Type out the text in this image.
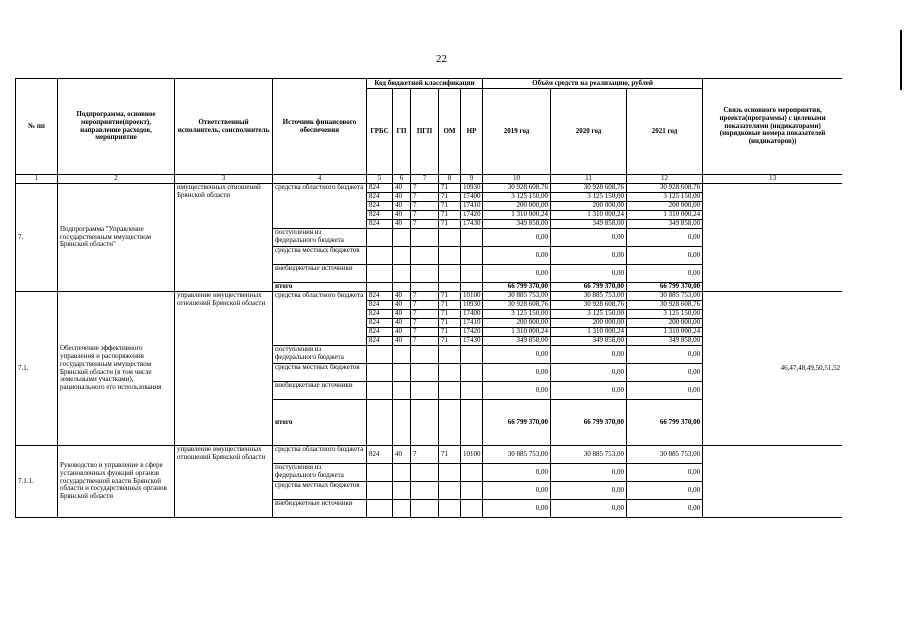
22
№ пп	Подпрограмма, основное мероприятие(проект), направление расходов, мероприятие	Ответственный исполнитель, соисполнитель	Источник финансового обеспечения	Код бюджетной классификации					Объём средств на реализацию, рублей			Связь основного мероприятия, проекта(программы) с целевыми показателями (индикаторами) (порядковые номера показателей (индикаторов))
				ГРБС	ГП	ПГП	ОМ	НР	2019 год	2020 год	2021 год	
1	2	3	4	5	6	7	8	9	10	11	12	13
7.	Подпрограмма "Управление государственным имуществом Брянской области"	имущественных отношений Брянской области	средства областного бюджета	824	40	7	71	10930	30 928 608,76	30 928 608,76	30 928 608,76	
				824	40	7	71	17400	3 125 150,00	3 125 150,00	3 125 150,00	
				824	40	7	71	17410	200 000,00	200 000,00	200 000,00	
				824	40	7	71	17420	1 310 000,24	1 310 000,24	1 310 000,24	
				824	40	7	71	17430	349 858,00	349 858,00	349 858,00	
			поступления из федерального бюджета						0,00	0,00	0,00	
			средства местных бюджетов						0,00	0,00	0,00	
			внебюджетные источники						0,00	0,00	0,00	
			итого						66 799 370,00	66 799 370,00	66 799 370,00	
7.1.	Обеспечение эффективного управления и распоряжения государственным имуществом Брянской области (в том числе земельными участками), рационального его использования	управление имущественных отношений Брянской области	средства областного бюджета	824	40	7	71	10100	30 885 753,00	30 885 753,00	30 885 753,00	46,47,48,49,50,51,52
				824	40	7	71	10930	30 928 608,76	30 928 608,76	30 928 608,76	
				824	40	7	71	17400	3 125 150,00	3 125 150,00	3 125 150,00	
				824	40	7	71	17410	200 000,00	200 000,00	200 000,00	
				824	40	7	71	17420	1 310 000,24	1 310 000,24	1 310 000,24	
				824	40	7	71	17430	349 858,00	349 858,00	349 858,00	
			поступления из федерального бюджета						0,00	0,00	0,00	
			средства местных бюджетов						0,00	0,00	0,00	
			внебюджетные источники						0,00	0,00	0,00	
			итого						66 799 370,00	66 799 370,00	66 799 370,00	
7.1.1.	Руководство и управление в сфере установленных функций органов государственной власти Брянской области и государственных органов Брянской области	управление имущественных отношений Брянской области	средства областного бюджета	824	40	7	71	10100	30 885 753,00	30 885 753,00	30 885 753,00	
			поступления из федерального бюджета						0,00	0,00	0,00	
			средства местных бюджетов						0,00	0,00	0,00	
			внебюджетные источники						0,00	0,00	0,00	
